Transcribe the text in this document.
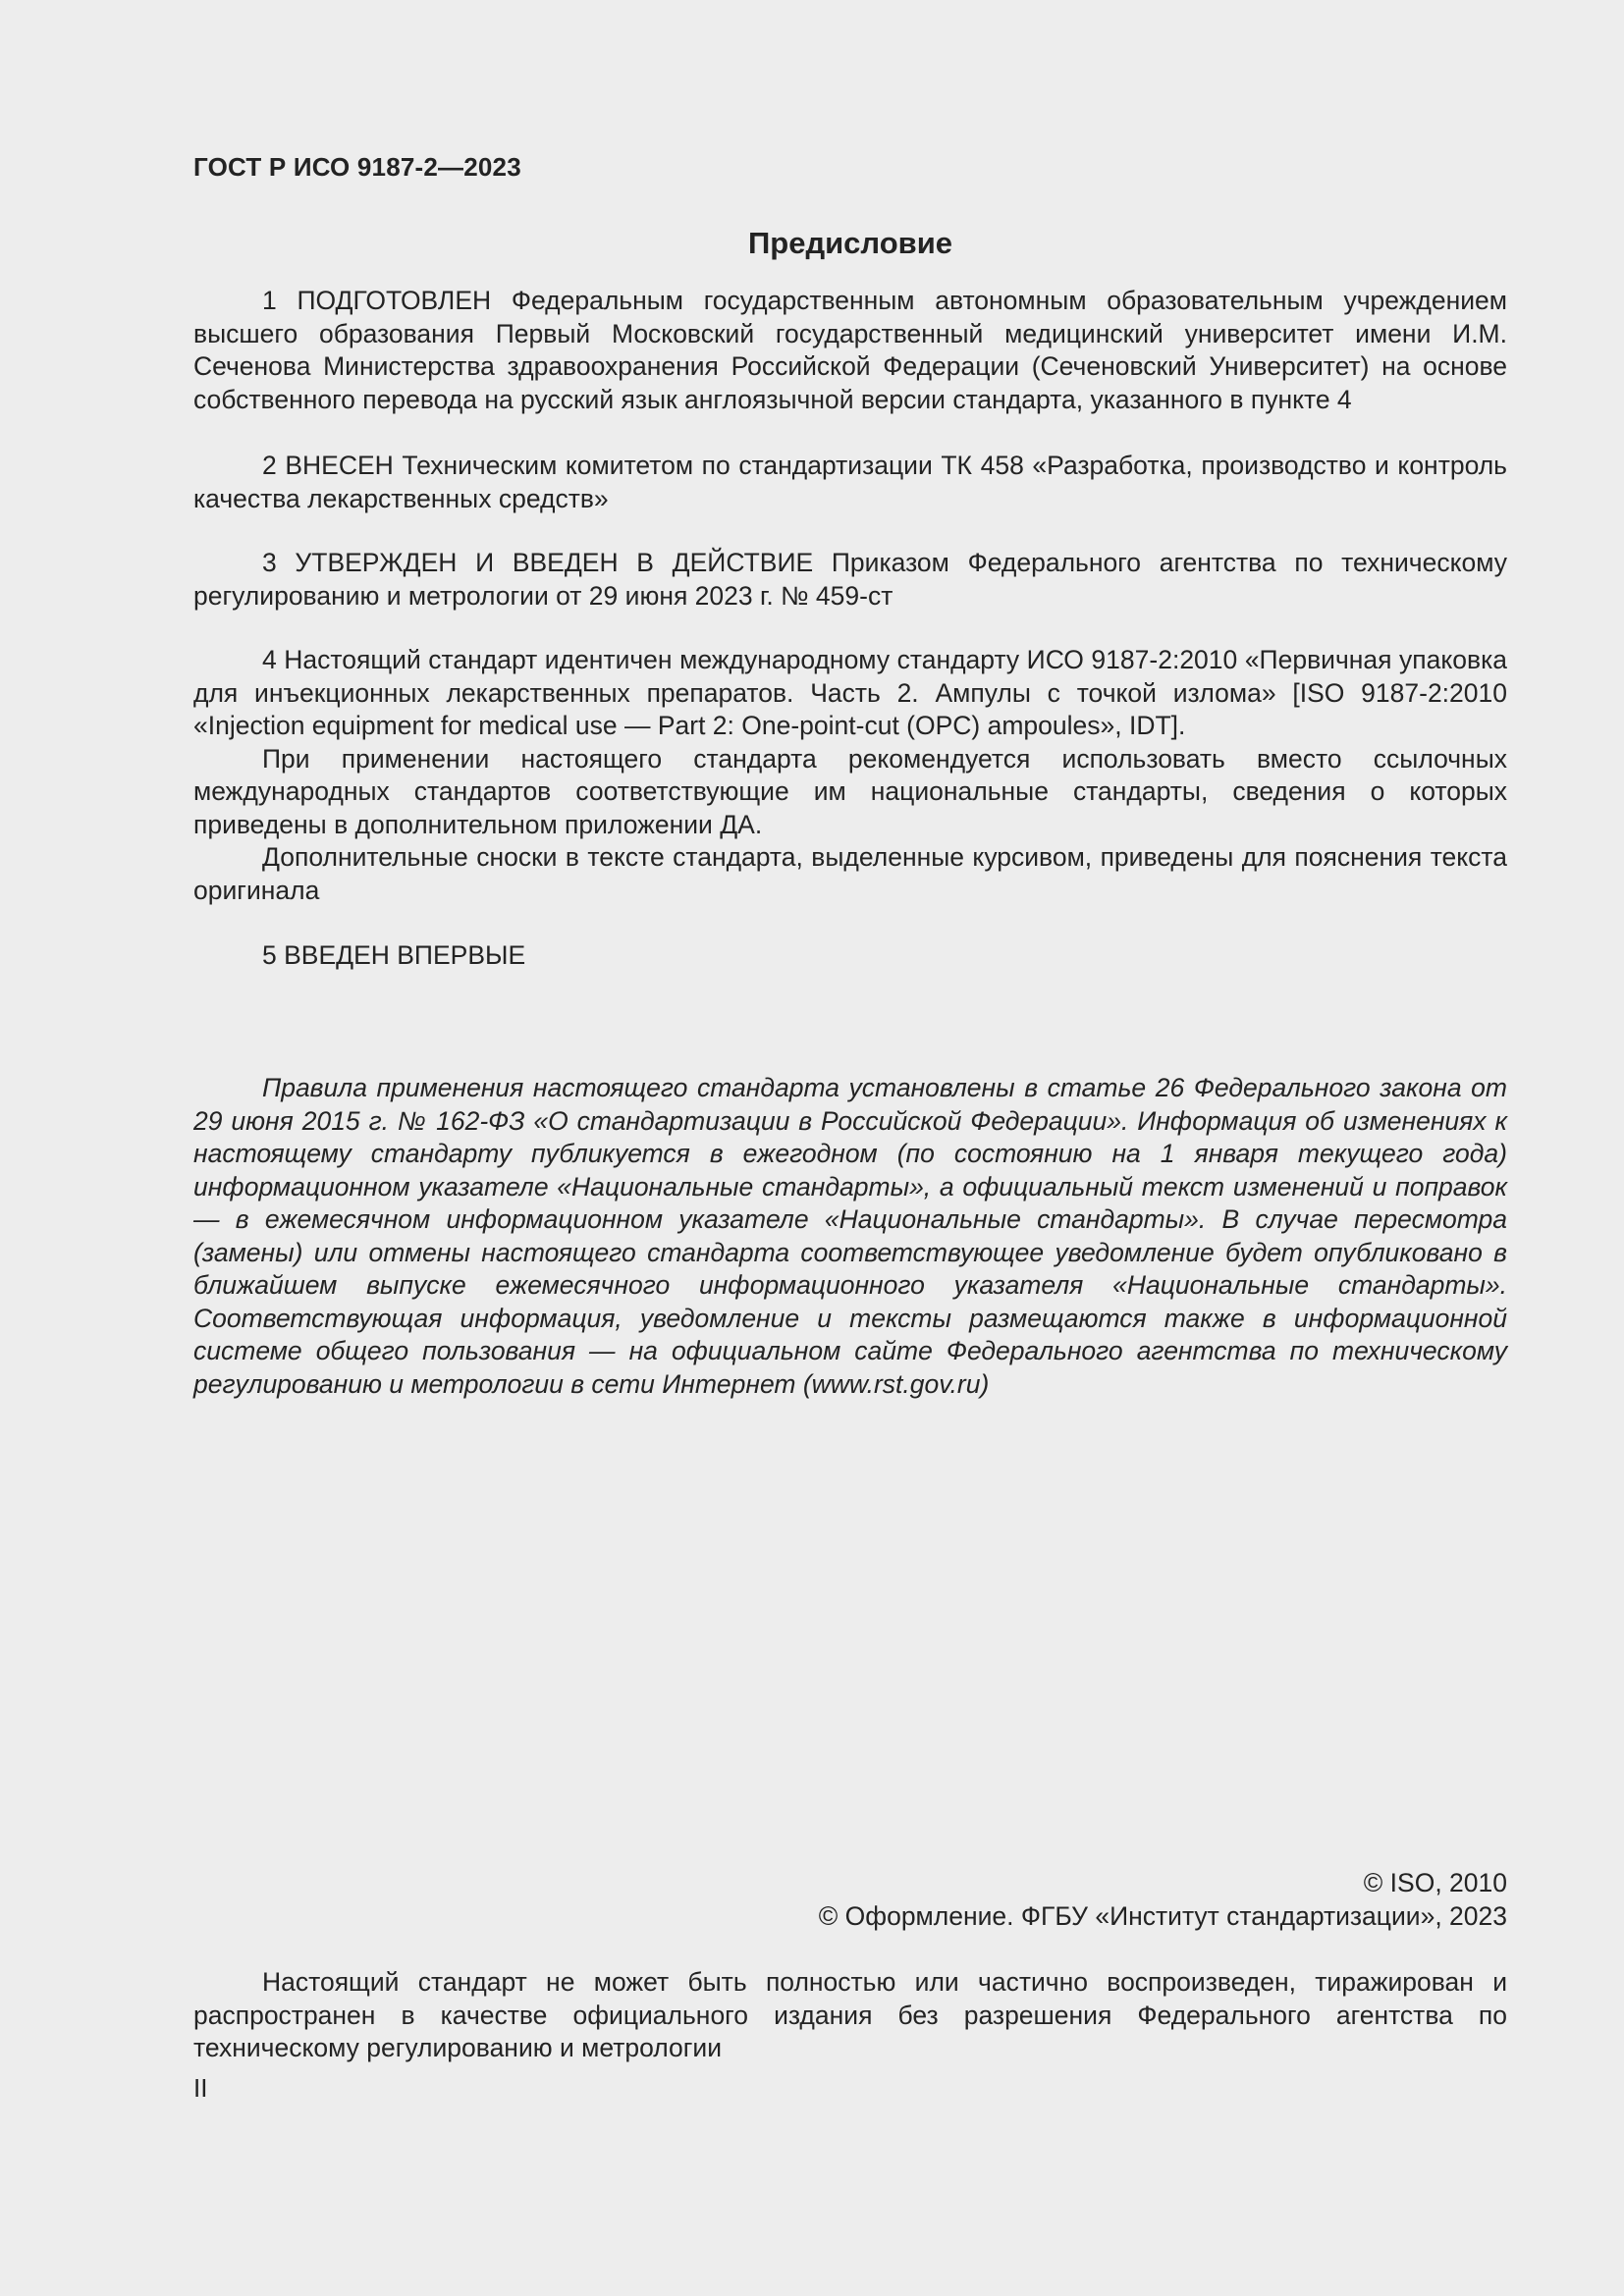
ГОСТ Р ИСО 9187-2—2023
Предисловие

1 ПОДГОТОВЛЕН Федеральным государственным автономным образовательным учреждением высшего образования Первый Московский государственный медицинский университет имени И.М. Сеченова Министерства здравоохранения Российской Федерации (Сеченовский Университет) на основе собственного перевода на русский язык англоязычной версии стандарта, указанного в пункте 4

2 ВНЕСЕН Техническим комитетом по стандартизации ТК 458 «Разработка, производство и контроль качества лекарственных средств»

3 УТВЕРЖДЕН И ВВЕДЕН В ДЕЙСТВИЕ Приказом Федерального агентства по техническому регулированию и метрологии от 29 июня 2023 г. № 459-ст

4 Настоящий стандарт идентичен международному стандарту ИСО 9187-2:2010 «Первичная упаковка для инъекционных лекарственных препаратов. Часть 2. Ампулы с точкой излома» [ISO 9187-2:2010 «Injection equipment for medical use — Part 2: One-point-cut (OPC) ampoules», IDT].

При применении настоящего стандарта рекомендуется использовать вместо ссылочных международных стандартов соответствующие им национальные стандарты, сведения о которых приведены в дополнительном приложении ДА.

Дополнительные сноски в тексте стандарта, выделенные курсивом, приведены для пояснения текста оригинала

5 ВВЕДЕН ВПЕРВЫЕ

Правила применения настоящего стандарта установлены в статье 26 Федерального закона от 29 июня 2015 г. № 162-ФЗ «О стандартизации в Российской Федерации». Информация об изменениях к настоящему стандарту публикуется в ежегодном (по состоянию на 1 января текущего года) информационном указателе «Национальные стандарты», а официальный текст изменений и поправок — в ежемесячном информационном указателе «Национальные стандарты». В случае пересмотра (замены) или отмены настоящего стандарта соответствующее уведомление будет опубликовано в ближайшем выпуске ежемесячного информационного указателя «Национальные стандарты». Соответствующая информация, уведомление и тексты размещаются также в информационной системе общего пользования — на официальном сайте Федерального агентства по техническому регулированию и метрологии в сети Интернет (www.rst.gov.ru)

© ISO, 2010
© Оформление. ФГБУ «Институт стандартизации», 2023

Настоящий стандарт не может быть полностью или частично воспроизведен, тиражирован и распространен в качестве официального издания без разрешения Федерального агентства по техническому регулированию и метрологии

II
